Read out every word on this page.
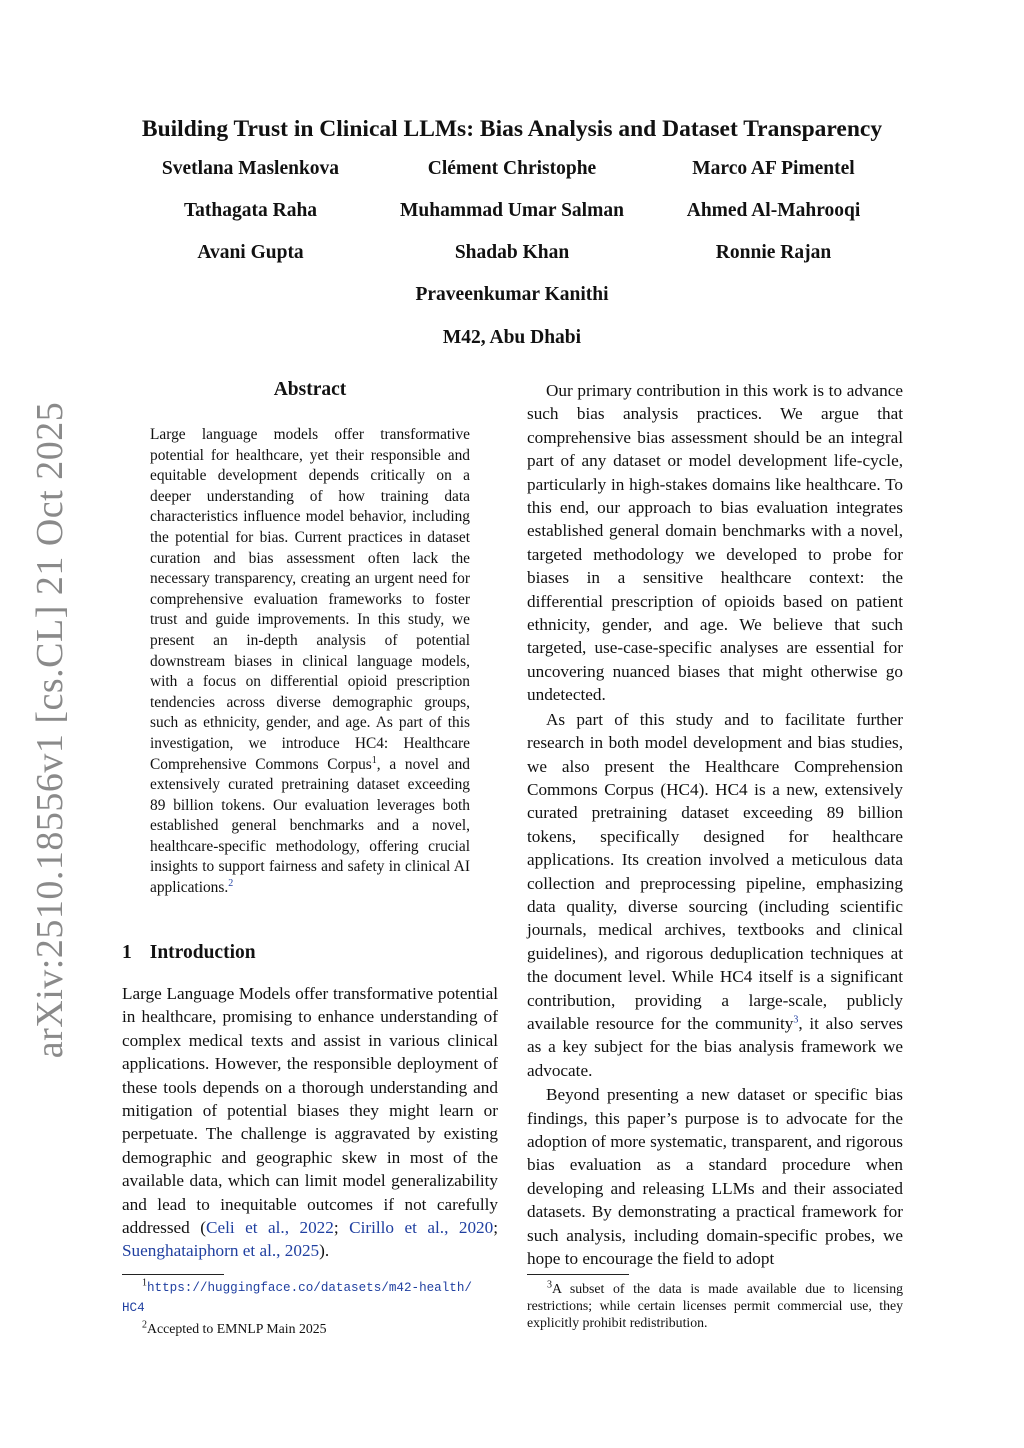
arXiv:2510.18556v1 [cs.CL] 21 Oct 2025
Building Trust in Clinical LLMs: Bias Analysis and Dataset Transparency
Svetlana Maslenkova	Clément Christophe	Marco AF Pimentel
Tathagata Raha	Muhammad Umar Salman	Ahmed Al-Mahrooqi
Avani Gupta	Shadab Khan	Ronnie Rajan
Praveenkumar Kanithi
M42, Abu Dhabi
Abstract
Large language models offer transformative potential for healthcare, yet their responsible and equitable development depends critically on a deeper understanding of how training data characteristics influence model behavior, including the potential for bias. Current practices in dataset curation and bias assessment often lack the necessary transparency, creating an urgent need for comprehensive evaluation frameworks to foster trust and guide improvements. In this study, we present an in-depth analysis of potential downstream biases in clinical language models, with a focus on differential opioid prescription tendencies across diverse demographic groups, such as ethnicity, gender, and age. As part of this investigation, we introduce HC4: Healthcare Comprehensive Commons Corpus$^1$, a novel and extensively curated pretraining dataset exceeding 89 billion tokens. Our evaluation leverages both established general benchmarks and a novel, healthcare-specific methodology, offering crucial insights to support fairness and safety in clinical AI applications.$^2$
1 Introduction
Large Language Models offer transformative potential in healthcare, promising to enhance understanding of complex medical texts and assist in various clinical applications. However, the responsible deployment of these tools depends on a thorough understanding and mitigation of potential biases they might learn or perpetuate. The challenge is aggravated by existing demographic and geographic skew in most of the available data, which can limit model generalizability and lead to inequitable outcomes if not carefully addressed (Celi et al., 2022; Cirillo et al., 2020; Suenghataiphorn et al., 2025).

Our primary contribution in this work is to advance such bias analysis practices. We argue that comprehensive bias assessment should be an integral part of any dataset or model development life-cycle, particularly in high-stakes domains like healthcare. To this end, our approach to bias evaluation integrates established general domain benchmarks with a novel, targeted methodology we developed to probe for biases in a sensitive healthcare context: the differential prescription of opioids based on patient ethnicity, gender, and age. We believe that such targeted, use-case-specific analyses are essential for uncovering nuanced biases that might otherwise go undetected.

As part of this study and to facilitate further research in both model development and bias studies, we also present the Healthcare Comprehension Commons Corpus (HC4). HC4 is a new, extensively curated pretraining dataset exceeding 89 billion tokens, specifically designed for healthcare applications. Its creation involved a meticulous data collection and preprocessing pipeline, emphasizing data quality, diverse sourcing (including scientific journals, medical archives, textbooks and clinical guidelines), and rigorous deduplication techniques at the document level. While HC4 itself is a significant contribution, providing a large-scale, publicly available resource for the community$^3$, it also serves as a key subject for the bias analysis framework we advocate.

Beyond presenting a new dataset or specific bias findings, this paper’s purpose is to advocate for the adoption of more systematic, transparent, and rigorous bias evaluation as a standard procedure when developing and releasing LLMs and their associated datasets. By demonstrating a practical framework for such analysis, including domain-specific probes, we hope to encourage the field to adopt

$^1$https://huggingface.co/datasets/m42-health/
HC4
$^2$Accepted to EMNLP Main 2025
$^3$A subset of the data is made available due to licensing restrictions; while certain licenses permit commercial use, they explicitly prohibit redistribution.
